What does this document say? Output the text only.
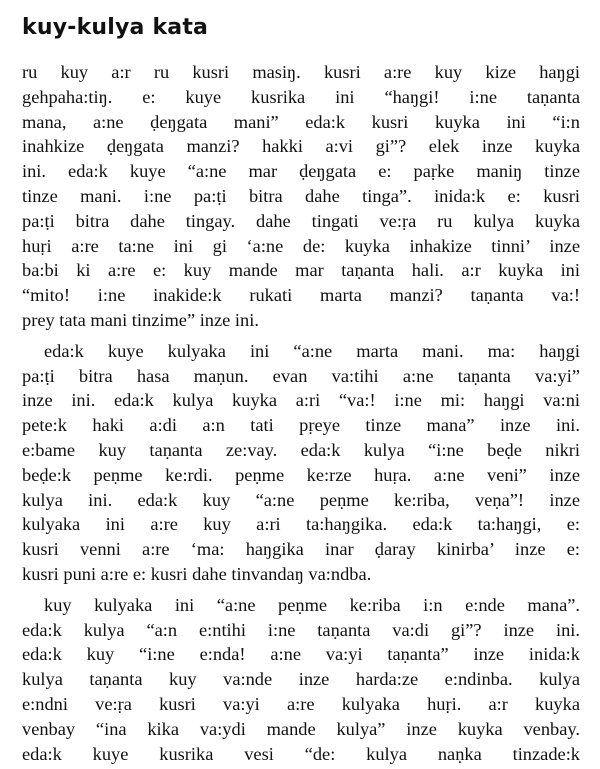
kuy-kulya kata
ru kuy a:r ru kusri masiŋ. kusri a:re kuy kize haŋgi
gehpaha:tiŋ. e: kuye kusrika ini “haŋgi! i:ne taṇanta
mana, a:ne ḍeŋgata mani” eda:k kusri kuyka ini “i:n
inahkize ḍeŋgata manzi? hakki a:vi gi”? elek inze kuyka
ini. eda:k kuye “a:ne mar ḍeŋgata e: paṛke maniŋ tinze
tinze mani. i:ne pa:ṭi bitra dahe tinga”. inida:k e: kusri
pa:ṭi bitra dahe tingay. dahe tingati ve:ṛa ru kulya kuyka
huṛi a:re ta:ne ini gi ‘a:ne de: kuyka inhakize tinni’ inze
ba:bi ki a:re e: kuy mande mar taṇanta hali. a:r kuyka ini
“mito! i:ne inakide:k rukati marta manzi? taṇanta va:!
prey tata mani tinzime” inze ini.
eda:k kuye kulyaka ini “a:ne marta mani. ma: haŋgi
pa:ṭi bitra hasa maṇun. evan va:tihi a:ne taṇanta va:yi”
inze ini. eda:k kulya kuyka a:ri “va:! i:ne mi: haŋgi va:ni
pete:k haki a:di a:n tati pṛeye tinze mana” inze ini.
e:bame kuy taṇanta ze:vay. eda:k kulya “i:ne beḍe nikri
beḍe:k peṇme ke:rdi. peṇme ke:rze huṛa. a:ne veni” inze
kulya ini. eda:k kuy “a:ne peṇme ke:riba, veṇa”! inze
kulyaka ini a:re kuy a:ri ta:haŋgika. eda:k ta:haŋgi, e:
kusri venni a:re ‘ma: haŋgika inar ḍaray kinirba’ inze e:
kusri puni a:re e: kusri dahe tinvandaŋ va:ndba.
kuy kulyaka ini “a:ne peṇme ke:riba i:n e:nde mana”.
eda:k kulya “a:n e:ntihi i:ne taṇanta va:di gi”? inze ini.
eda:k kuy “i:ne e:nda! a:ne va:yi taṇanta” inze inida:k
kulya taṇanta kuy va:nde inze harda:ze e:ndinba. kulya
e:ndni ve:ṛa kusri va:yi a:re kulyaka huṛi. a:r kuyka
venbay “ina kika va:ydi mande kulya” inze kuyka venbay.
eda:k kuye kusrika vesi “de: kulya naṇka tinzade:k
